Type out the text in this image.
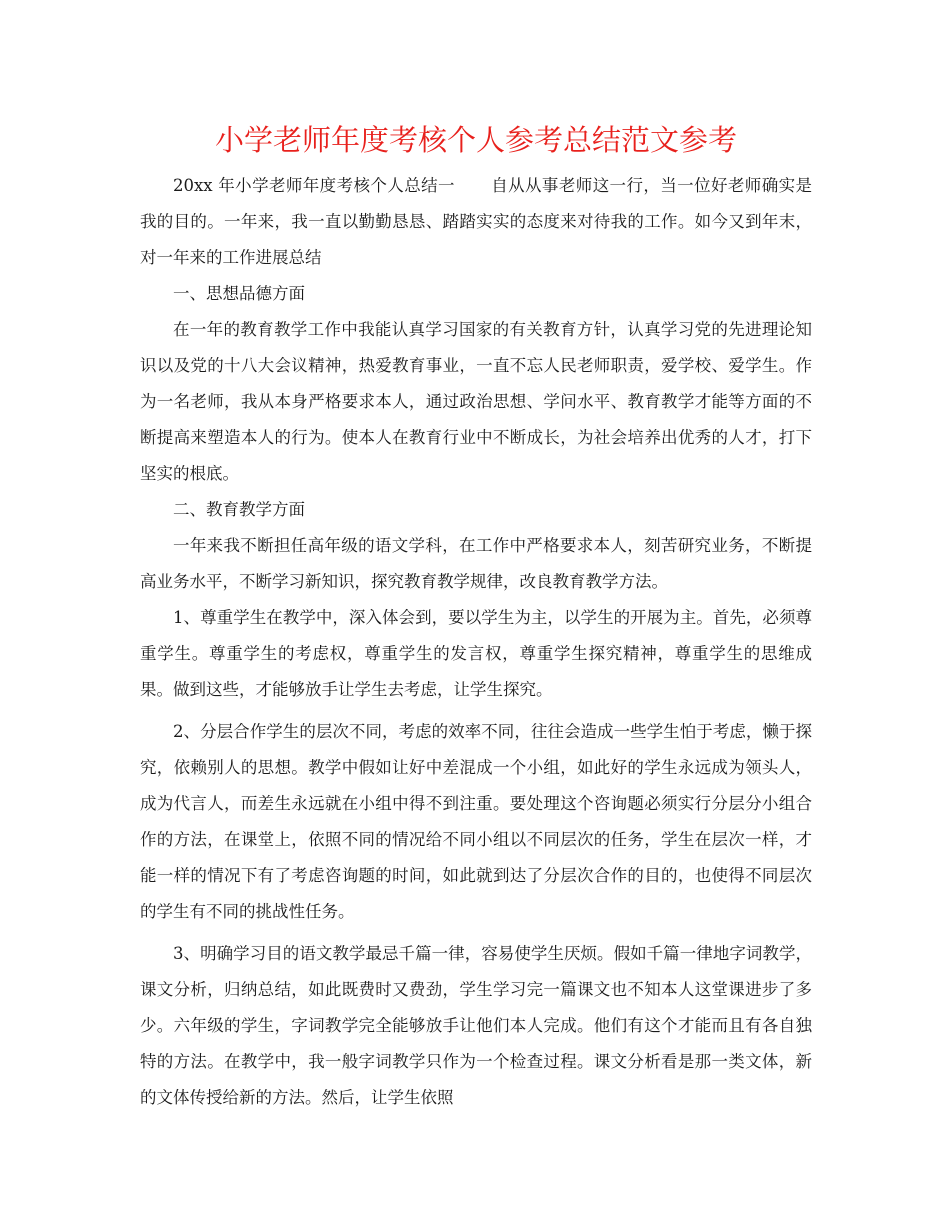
小学老师年度考核个人参考总结范文参考

20xx 年小学老师年度考核个人总结一 自从从事老师这一行，当一位好老师确实是我的目的。一年来，我一直以勤勤恳恳、踏踏实实的态度来对待我的工作。如今又到年末，对一年来的工作进展总结

一、思想品德方面

在一年的教育教学工作中我能认真学习国家的有关教育方针，认真学习党的先进理论知识以及党的十八大会议精神，热爱教育事业，一直不忘人民老师职责，爱学校、爱学生。作为一名老师，我从本身严格要求本人，通过政治思想、学问水平、教育教学才能等方面的不断提高来塑造本人的行为。使本人在教育行业中不断成长，为社会培养出优秀的人才，打下坚实的根底。

二、教育教学方面

一年来我不断担任高年级的语文学科，在工作中严格要求本人，刻苦研究业务，不断提高业务水平，不断学习新知识，探究教育教学规律，改良教育教学方法。

1、尊重学生在教学中，深入体会到，要以学生为主，以学生的开展为主。首先，必须尊重学生。尊重学生的考虑权，尊重学生的发言权，尊重学生探究精神，尊重学生的思维成果。做到这些，才能够放手让学生去考虑，让学生探究。

2、分层合作学生的层次不同，考虑的效率不同，往往会造成一些学生怕于考虑，懒于探究，依赖别人的思想。教学中假如让好中差混成一个小组，如此好的学生永远成为领头人，成为代言人，而差生永远就在小组中得不到注重。要处理这个咨询题必须实行分层分小组合作的方法，在课堂上，依照不同的情况给不同小组以不同层次的任务，学生在层次一样，才能一样的情况下有了考虑咨询题的时间，如此就到达了分层次合作的目的，也使得不同层次的学生有不同的挑战性任务。

3、明确学习目的语文教学最忌千篇一律，容易使学生厌烦。假如千篇一律地字词教学，课文分析，归纳总结，如此既费时又费劲，学生学习完一篇课文也不知本人这堂课进步了多少。六年级的学生，字词教学完全能够放手让他们本人完成。他们有这个才能而且有各自独特的方法。在教学中，我一般字词教学只作为一个检查过程。课文分析看是那一类文体，新的文体传授给新的方法。然后，让学生依照
